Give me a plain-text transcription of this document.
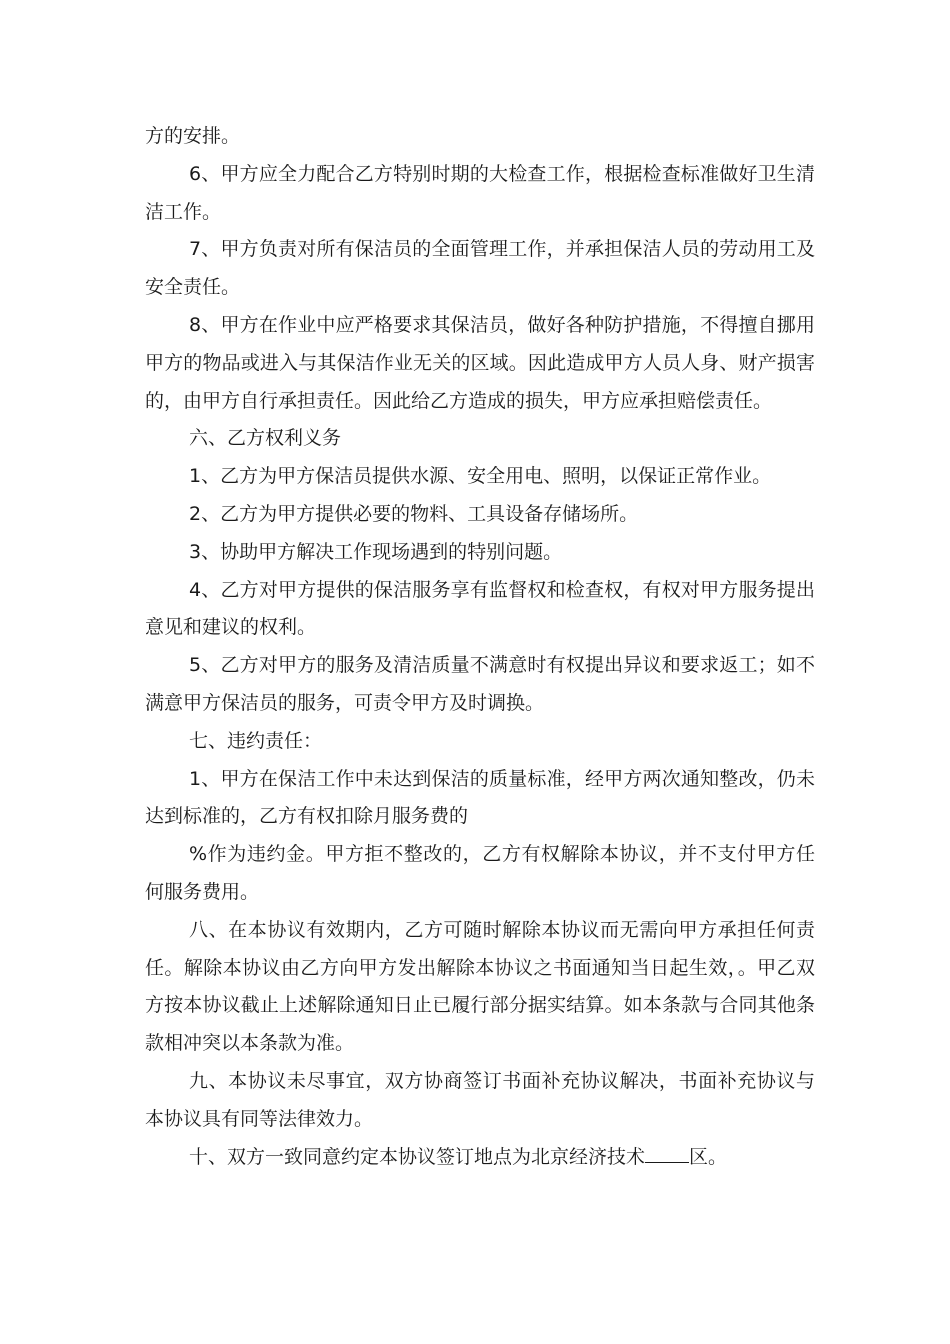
方的安排。

6、甲方应全力配合乙方特别时期的大检查工作，根据检查标准做好卫生清洁工作。

7、甲方负责对所有保洁员的全面管理工作，并承担保洁人员的劳动用工及安全责任。

8、甲方在作业中应严格要求其保洁员，做好各种防护措施，不得擅自挪用甲方的物品或进入与其保洁作业无关的区域。因此造成甲方人员人身、财产损害的，由甲方自行承担责任。因此给乙方造成的损失，甲方应承担赔偿责任。

六、乙方权利义务

1、乙方为甲方保洁员提供水源、安全用电、照明，以保证正常作业。

2、乙方为甲方提供必要的物料、工具设备存储场所。

3、协助甲方解决工作现场遇到的特别问题。

4、乙方对甲方提供的保洁服务享有监督权和检查权，有权对甲方服务提出意见和建议的权利。

5、乙方对甲方的服务及清洁质量不满意时有权提出异议和要求返工；如不满意甲方保洁员的服务，可责令甲方及时调换。

七、违约责任：

1、甲方在保洁工作中未达到保洁的质量标准，经甲方两次通知整改，仍未达到标准的，乙方有权扣除月服务费的

%作为违约金。甲方拒不整改的，乙方有权解除本协议，并不支付甲方任何服务费用。

八、在本协议有效期内，乙方可随时解除本协议而无需向甲方承担任何责任。解除本协议由乙方向甲方发出解除本协议之书面通知当日起生效，。甲乙双方按本协议截止上述解除通知日止已履行部分据实结算。如本条款与合同其他条款相冲突以本条款为准。

九、本协议未尽事宜，双方协商签订书面补充协议解决，书面补充协议与本协议具有同等法律效力。

十、双方一致同意约定本协议签订地点为北京经济技术 区。
